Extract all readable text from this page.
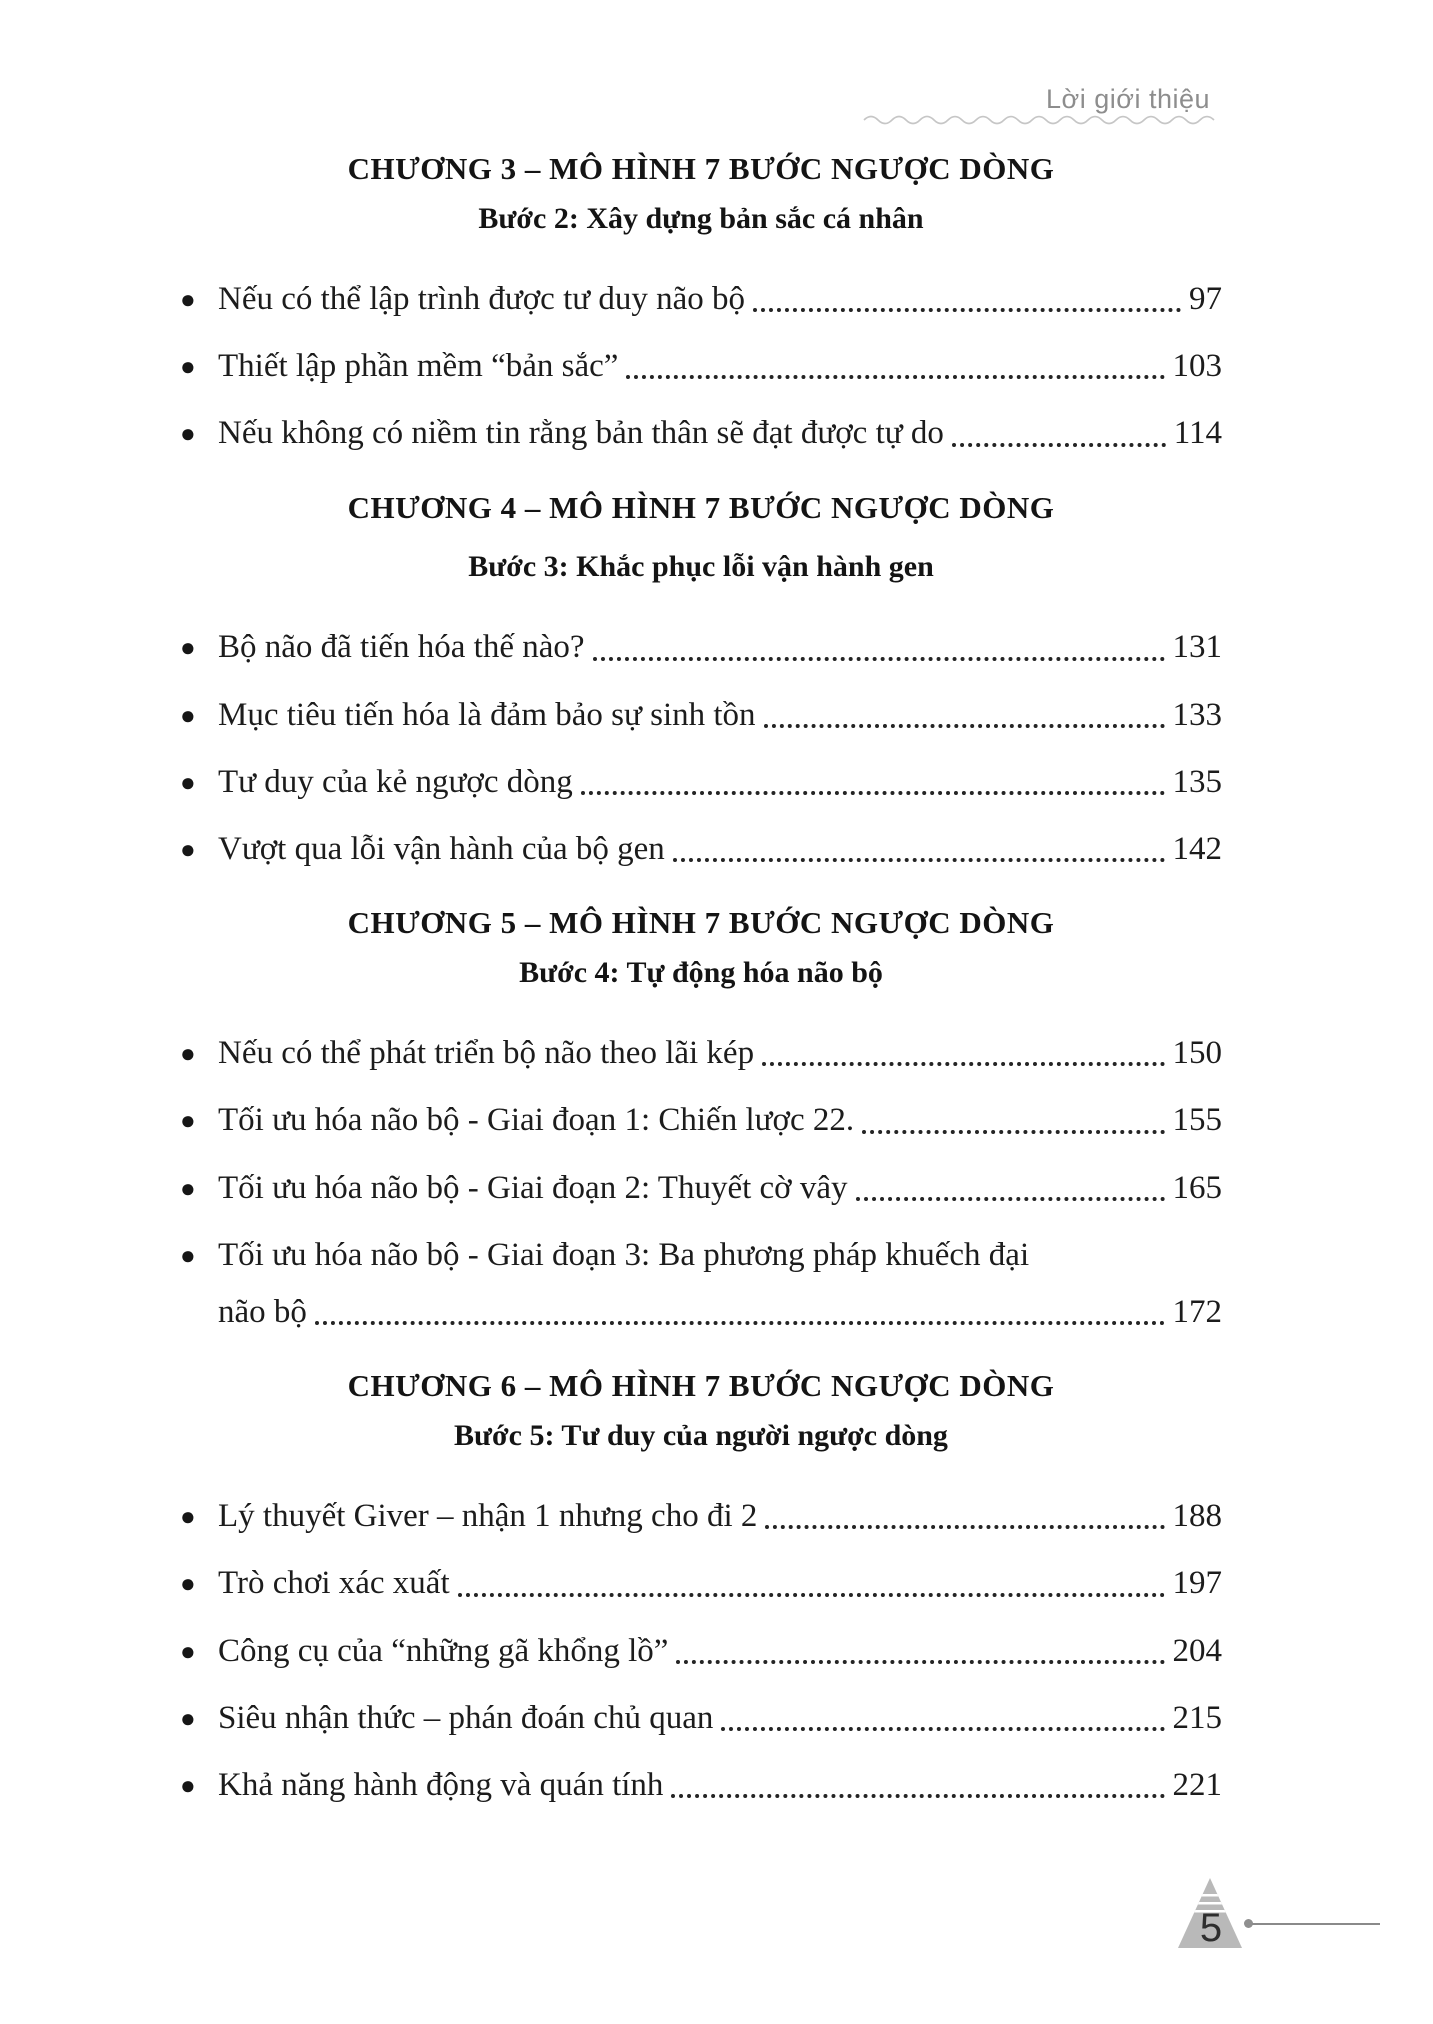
Lời giới thiệu
CHƯƠNG 3 – MÔ HÌNH 7 BƯỚC NGƯỢC DÒNG
Bước 2: Xây dựng bản sắc cá nhân
● Nếu có thể lập trình được tư duy não bộ	97
● Thiết lập phần mềm “bản sắc”	103
● Nếu không có niềm tin rằng bản thân sẽ đạt được tự do	114
CHƯƠNG 4 – MÔ HÌNH 7 BƯỚC NGƯỢC DÒNG
Bước 3: Khắc phục lỗi vận hành gen
● Bộ não đã tiến hóa thế nào?	131
● Mục tiêu tiến hóa là đảm bảo sự sinh tồn	133
● Tư duy của kẻ ngược dòng	135
● Vượt qua lỗi vận hành của bộ gen	142
CHƯƠNG 5 – MÔ HÌNH 7 BƯỚC NGƯỢC DÒNG
Bước 4: Tự động hóa não bộ
● Nếu có thể phát triển bộ não theo lãi kép	150
● Tối ưu hóa não bộ - Giai đoạn 1: Chiến lược 22.	155
● Tối ưu hóa não bộ - Giai đoạn 2: Thuyết cờ vây	165
● Tối ưu hóa não bộ - Giai đoạn 3: Ba phương pháp khuếch đại
não bộ	172
CHƯƠNG 6 – MÔ HÌNH 7 BƯỚC NGƯỢC DÒNG
Bước 5: Tư duy của người ngược dòng
● Lý thuyết Giver – nhận 1 nhưng cho đi 2	188
● Trò chơi xác xuất	197
● Công cụ của “những gã khổng lồ”	204
● Siêu nhận thức – phán đoán chủ quan	215
● Khả năng hành động và quán tính	221
5
